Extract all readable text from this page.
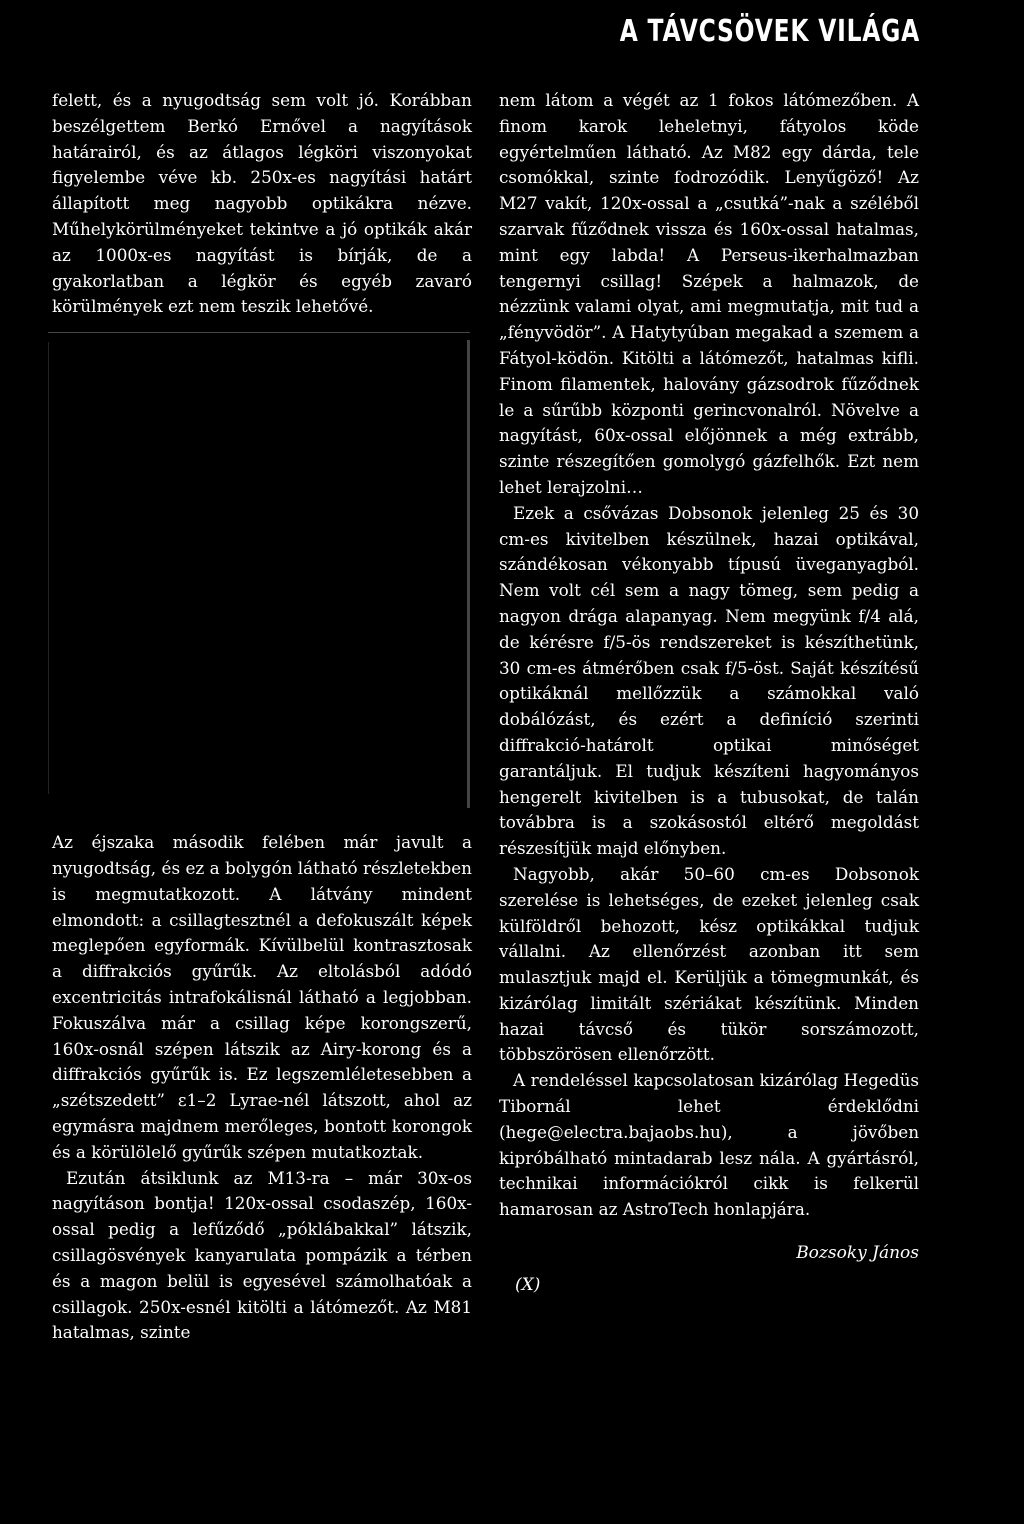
A TÁVCSÖVEK VILÁGA

felett, és a nyugodtság sem volt jó. Korábban beszélgettem Berkó Ernővel a nagyítások határairól, és az átlagos légköri viszonyokat figyelembe véve kb. 250x-es nagyítási határt állapított meg nagyobb optikákra nézve. Műhelykörülményeket tekintve a jó optikák akár az 1000x-es nagyítást is bírják, de a gyakorlatban a légkör és egyéb zavaró körülmények ezt nem teszik lehetővé.

Az éjszaka második felében már javult a nyugodtság, és ez a bolygón látható részletekben is megmutatkozott. A látvány mindent elmondott: a csillagtesztnél a defokuszált képek meglepően egyformák. Kívülbelül kontrasztosak a diffrakciós gyűrűk. Az eltolásból adódó excentricitás intrafokálisnál látható a legjobban. Fokuszálva már a csillag képe korongszerű, 160x-osnál szépen látszik az Airy-korong és a diffrakciós gyűrűk is. Ez legszemléletesebben a „szétszedett” ε1–2 Lyrae-nél látszott, ahol az egymásra majdnem merőleges, bontott korongok és a körülölelő gyűrűk szépen mutatkoztak.

Ezután átsiklunk az M13-ra – már 30x-os nagyításon bontja! 120x-ossal csodaszép, 160x-ossal pedig a lefűződő „póklábakkal” látszik, csillagösvények kanyarulata pompázik a térben és a magon belül is egyesével számolhatóak a csillagok. 250x-esnél kitölti a látómezőt. Az M81 hatalmas, szinte

nem látom a végét az 1 fokos látómezőben. A finom karok leheletnyi, fátyolos köde egyértelműen látható. Az M82 egy dárda, tele csomókkal, szinte fodrozódik. Lenyűgöző! Az M27 vakít, 120x-ossal a „csutká”-nak a széléből szarvak fűződnek vissza és 160x-ossal hatalmas, mint egy labda! A Perseus-ikerhalmazban tengernyi csillag! Szépek a halmazok, de nézzünk valami olyat, ami megmutatja, mit tud a „fényvödör”. A Hatytyúban megakad a szemem a Fátyol-ködön. Kitölti a látómezőt, hatalmas kifli. Finom filamentek, halovány gázsodrok fűződnek le a sűrűbb központi gerincvonalról. Növelve a nagyítást, 60x-ossal előjönnek a még extrább, szinte részegítően gomolygó gázfelhők. Ezt nem lehet lerajzolni…

Ezek a csővázas Dobsonok jelenleg 25 és 30 cm-es kivitelben készülnek, hazai optikával, szándékosan vékonyabb típusú üveganyagból. Nem volt cél sem a nagy tömeg, sem pedig a nagyon drága alapanyag. Nem megyünk f/4 alá, de kérésre f/5-ös rendszereket is készíthetünk, 30 cm-es átmérőben csak f/5-öst. Saját készítésű optikáknál mellőzzük a számokkal való dobálózást, és ezért a definíció szerinti diffrakció-határolt optikai minőséget garantáljuk. El tudjuk készíteni hagyományos hengerelt kivitelben is a tubusokat, de talán továbbra is a szokásostól eltérő megoldást részesítjük majd előnyben.

Nagyobb, akár 50–60 cm-es Dobsonok szerelése is lehetséges, de ezeket jelenleg csak külföldről behozott, kész optikákkal tudjuk vállalni. Az ellenőrzést azonban itt sem mulasztjuk majd el. Kerüljük a tömegmunkát, és kizárólag limitált szériákat készítünk. Minden hazai távcső és tükör sorszámozott, többszörösen ellenőrzött.

A rendeléssel kapcsolatosan kizárólag Hegedüs Tibornál lehet érdeklődni (hege@electra.bajaobs.hu), a jövőben kipróbálható mintadarab lesz nála. A gyártásról, technikai információkról cikk is felkerül hamarosan az AstroTech honlapjára.

(X)
Bozsoky János
